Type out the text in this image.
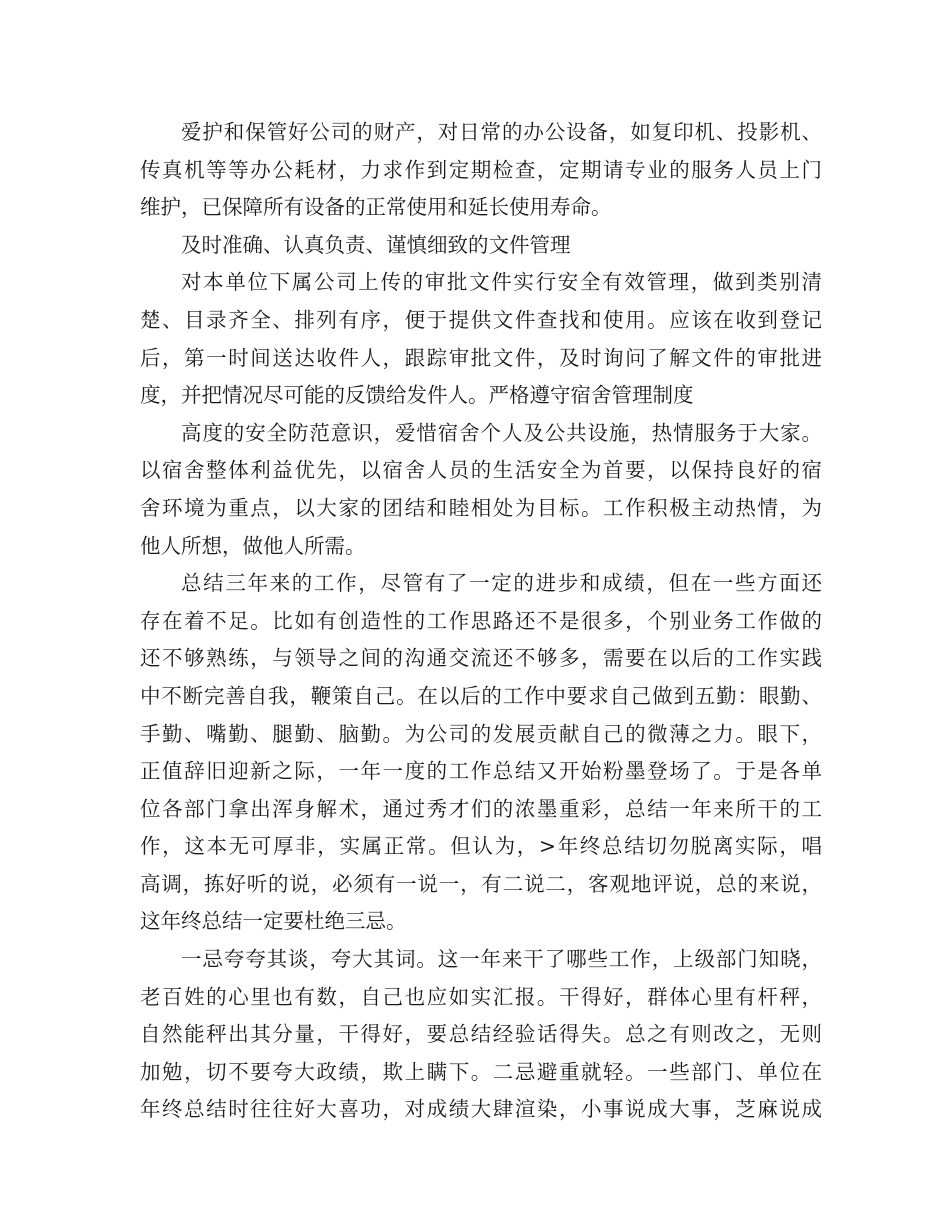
爱护和保管好公司的财产，对日常的办公设备，如复印机、投影机、
传真机等等办公耗材，力求作到定期检查，定期请专业的服务人员上门
维护，已保障所有设备的正常使用和延长使用寿命。
及时准确、认真负责、谨慎细致的文件管理
对本单位下属公司上传的审批文件实行安全有效管理，做到类别清
楚、目录齐全、排列有序，便于提供文件查找和使用。应该在收到登记
后，第一时间送达收件人，跟踪审批文件，及时询问了解文件的审批进
度，并把情况尽可能的反馈给发件人。严格遵守宿舍管理制度
高度的安全防范意识，爱惜宿舍个人及公共设施，热情服务于大家。
以宿舍整体利益优先，以宿舍人员的生活安全为首要，以保持良好的宿
舍环境为重点，以大家的团结和睦相处为目标。工作积极主动热情，为
他人所想，做他人所需。
总结三年来的工作，尽管有了一定的进步和成绩，但在一些方面还
存在着不足。比如有创造性的工作思路还不是很多，个别业务工作做的
还不够熟练，与领导之间的沟通交流还不够多，需要在以后的工作实践
中不断完善自我，鞭策自己。在以后的工作中要求自己做到五勤：眼勤、
手勤、嘴勤、腿勤、脑勤。为公司的发展贡献自己的微薄之力。眼下，
正值辞旧迎新之际，一年一度的工作总结又开始粉墨登场了。于是各单
位各部门拿出浑身解术，通过秀才们的浓墨重彩，总结一年来所干的工
作，这本无可厚非，实属正常。但认为，>年终总结切勿脱离实际，唱
高调，拣好听的说，必须有一说一，有二说二，客观地评说，总的来说，
这年终总结一定要杜绝三忌。
一忌夸夸其谈，夸大其词。这一年来干了哪些工作，上级部门知晓，
老百姓的心里也有数，自己也应如实汇报。干得好，群体心里有杆秤，
自然能秤出其分量，干得好，要总结经验话得失。总之有则改之，无则
加勉，切不要夸大政绩，欺上瞒下。二忌避重就轻。一些部门、单位在
年终总结时往往好大喜功，对成绩大肆渲染，小事说成大事，芝麻说成
